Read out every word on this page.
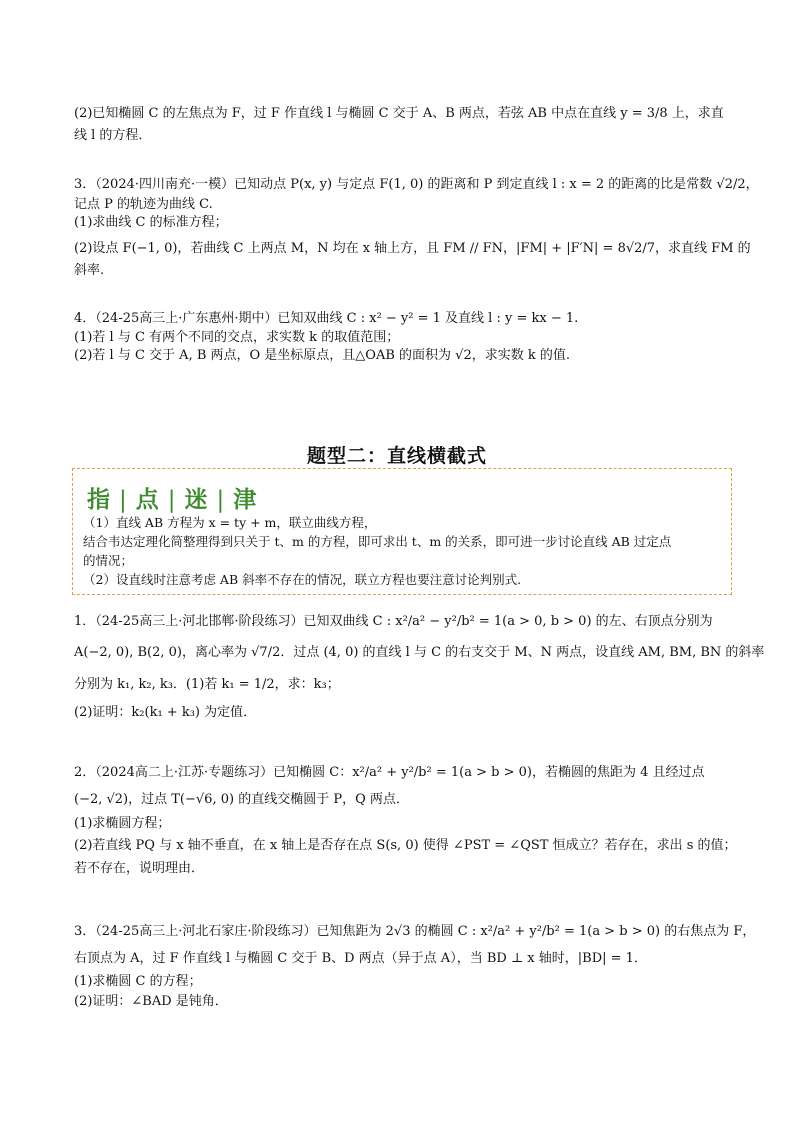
(2)已知椭圆 C 的左焦点为 F，过 F 作直线 l 与椭圆 C 交于 A、B 两点，若弦 AB 中点在直线 y = 3/8 上，求直
线 l 的方程．
3．（2024·四川南充·一模）已知动点 P(x, y) 与定点 F(1, 0) 的距离和 P 到定直线 l : x = 2 的距离的比是常数 √2/2，
记点 P 的轨迹为曲线 C.
(1)求曲线 C 的标准方程；
(2)设点 F(−1, 0)，若曲线 C 上两点 M，N 均在 x 轴上方，且 FM // FN，|FM| + |F′N| = 8√2/7，求直线 FM 的
斜率.
4．（24-25高三上·广东惠州·期中）已知双曲线 C : x² − y² = 1 及直线 l : y = kx − 1.
(1)若 l 与 C 有两个不同的交点，求实数 k 的取值范围；
(2)若 l 与 C 交于 A, B 两点，O 是坐标原点，且△OAB 的面积为 √2，求实数 k 的值.
题型二：直线横截式
指 | 点 | 迷 | 津
（1）直线 AB 方程为 x = ty + m，联立曲线方程，
结合韦达定理化简整理得到只关于 t、m 的方程，即可求出 t、m 的关系，即可进一步讨论直线 AB 过定点
的情况；
（2）设直线时注意考虑 AB 斜率不存在的情况，联立方程也要注意讨论判别式.
1．（24-25高三上·河北邯郸·阶段练习）已知双曲线 C : x²/a² − y²/b² = 1(a > 0, b > 0) 的左、右顶点分别为
A(−2, 0), B(2, 0)，离心率为 √7/2．过点 (4, 0) 的直线 l 与 C 的右支交于 M、N 两点，设直线 AM, BM, BN 的斜率
分别为 k₁, k₂, k₃．(1)若 k₁ = 1/2，求：k₃；
(2)证明：k₂(k₁ + k₃) 为定值．
2．（2024高二上·江苏·专题练习）已知椭圆 C：x²/a² + y²/b² = 1(a > b > 0)，若椭圆的焦距为 4 且经过点
(−2, √2)，过点 T(−√6, 0) 的直线交椭圆于 P，Q 两点．
(1)求椭圆方程；
(2)若直线 PQ 与 x 轴不垂直，在 x 轴上是否存在点 S(s, 0) 使得 ∠PST = ∠QST 恒成立？若存在，求出 s 的值；
若不存在，说明理由．
3．（24-25高三上·河北石家庄·阶段练习）已知焦距为 2√3 的椭圆 C : x²/a² + y²/b² = 1(a > b > 0) 的右焦点为 F，
右顶点为 A，过 F 作直线 l 与椭圆 C 交于 B、D 两点（异于点 A），当 BD ⊥ x 轴时，|BD| = 1．
(1)求椭圆 C 的方程；
(2)证明：∠BAD 是钝角．
